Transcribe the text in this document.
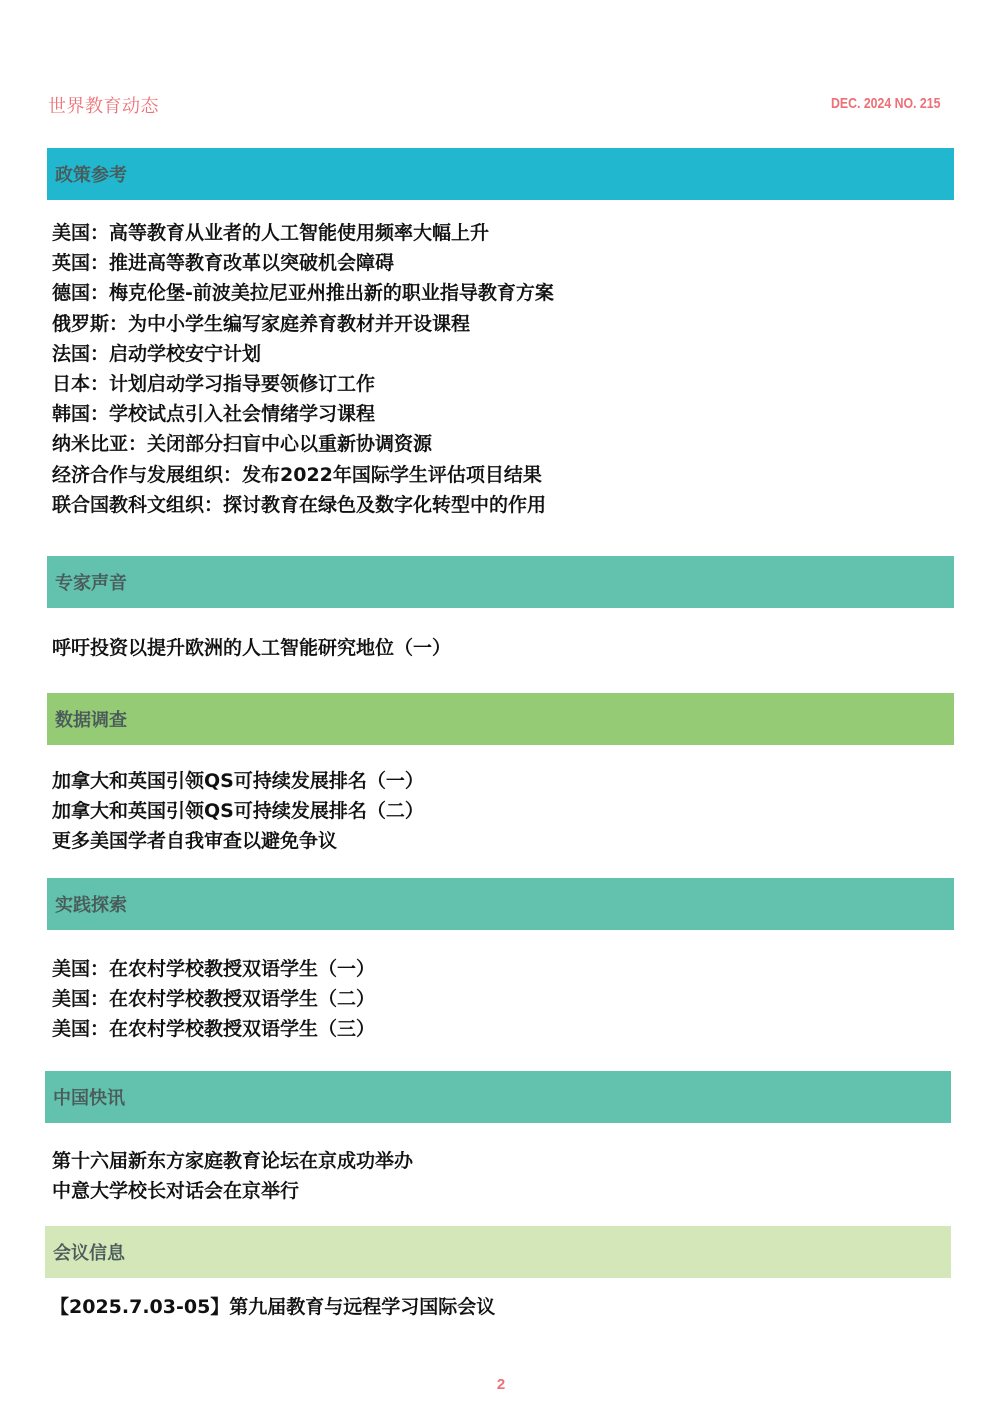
世界教育动态	DEC. 2024 NO. 215
政策参考
美国：高等教育从业者的人工智能使用频率大幅上升
英国：推进高等教育改革以突破机会障碍
德国：梅克伦堡-前波美拉尼亚州推出新的职业指导教育方案
俄罗斯：为中小学生编写家庭养育教材并开设课程
法国：启动学校安宁计划
日本：计划启动学习指导要领修订工作
韩国：学校试点引入社会情绪学习课程
纳米比亚：关闭部分扫盲中心以重新协调资源
经济合作与发展组织：发布2022年国际学生评估项目结果
联合国教科文组织：探讨教育在绿色及数字化转型中的作用
专家声音
呼吁投资以提升欧洲的人工智能研究地位（一）
数据调查
加拿大和英国引领QS可持续发展排名（一）
加拿大和英国引领QS可持续发展排名（二）
更多美国学者自我审查以避免争议
实践探索
美国：在农村学校教授双语学生（一）
美国：在农村学校教授双语学生（二）
美国：在农村学校教授双语学生（三）
中国快讯
第十六届新东方家庭教育论坛在京成功举办
中意大学校长对话会在京举行
会议信息
【2025.7.03-05】第九届教育与远程学习国际会议
2
